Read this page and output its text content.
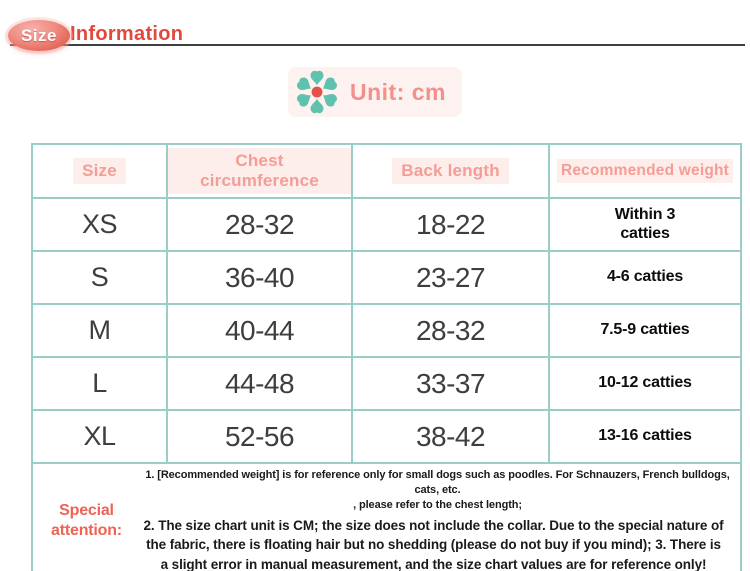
Size Information
Unit: cm
Size	Chest circumference	Back length	Recommended weight
XS	28-32	18-22	Within 3
catties
S	36-40	23-27	4-6 catties
M	40-44	28-32	7.5-9 catties
L	44-48	33-37	10-12 catties
XL	52-56	38-42	13-16 catties

Special
attention:
1. [Recommended weight] is for reference only for small dogs such as poodles. For Schnauzers, French bulldogs, cats, etc.
, please refer to the chest length;
2. The size chart unit is CM; the size does not include the collar. Due to the special nature of
the fabric, there is floating hair but no shedding (please do not buy if you mind); 3. There is
a slight error in manual measurement, and the size chart values are for reference only!
